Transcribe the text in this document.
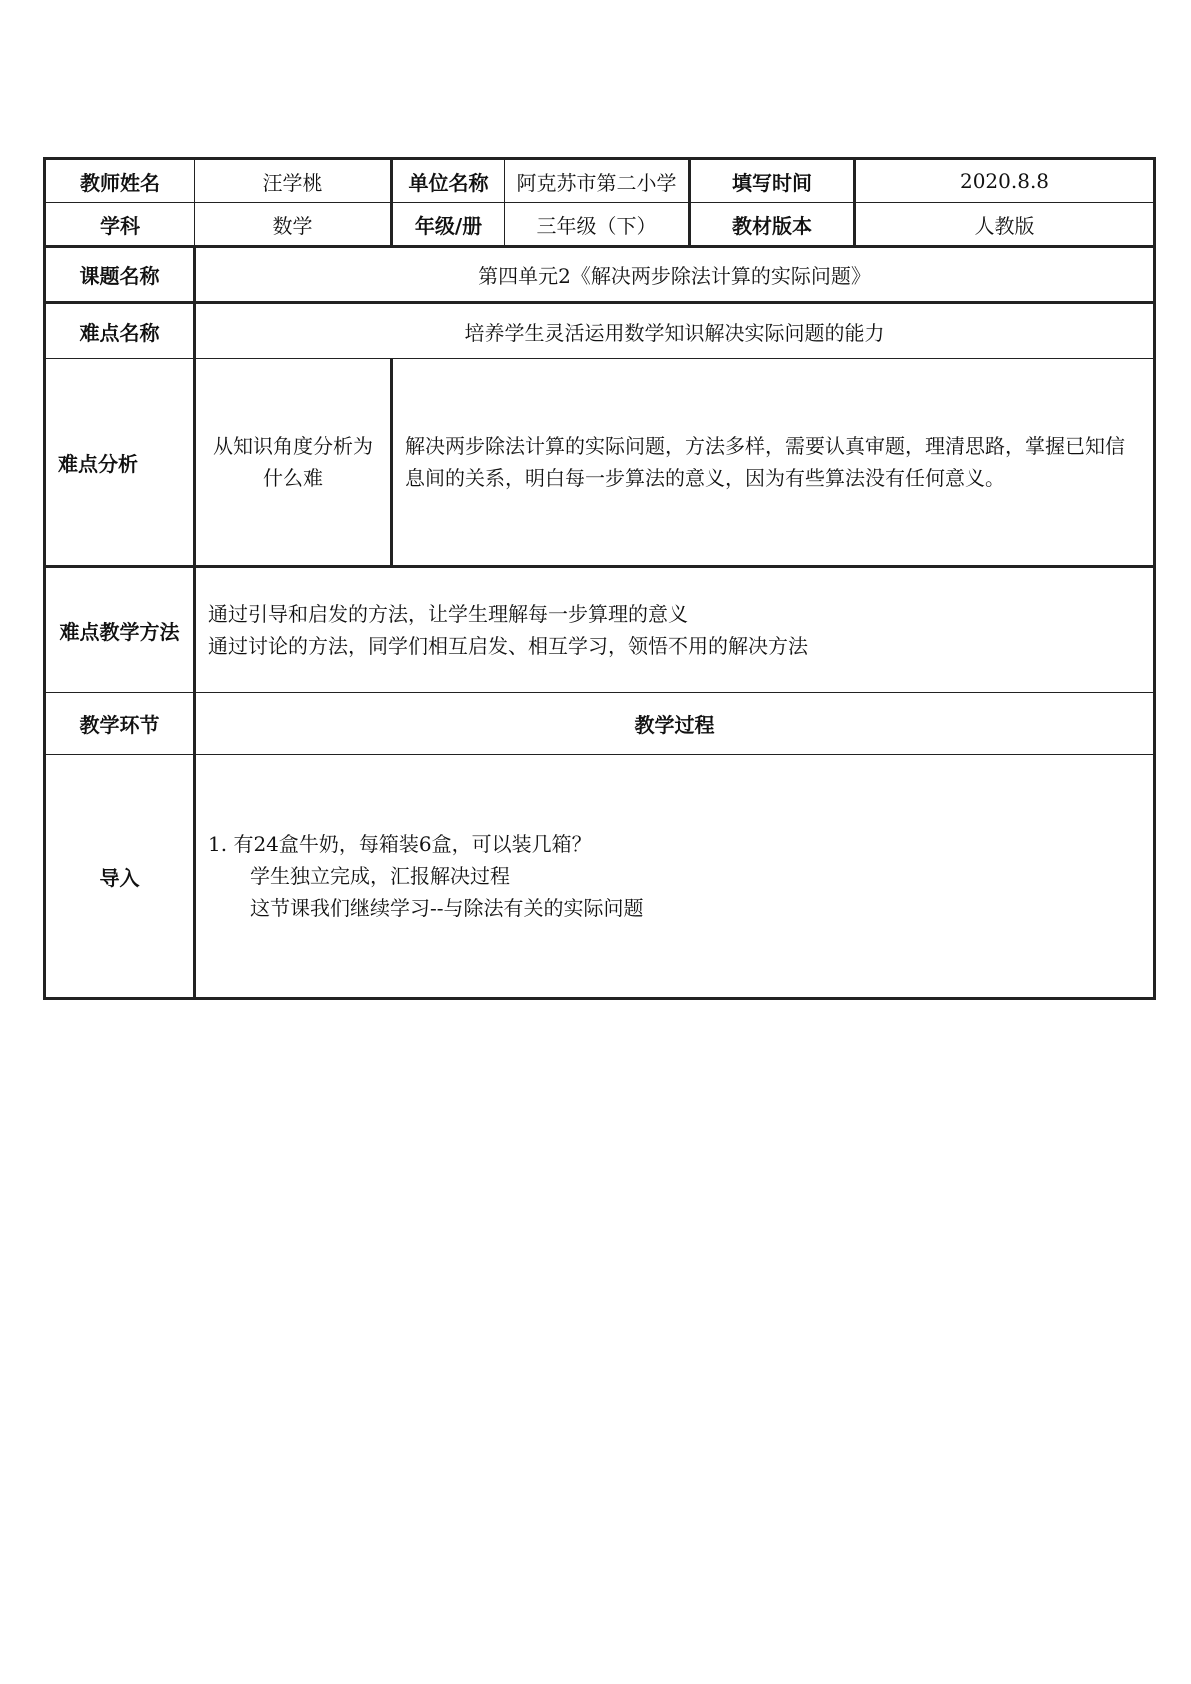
教师姓名	汪学桃	单位名称	阿克苏市第二小学	填写时间	2020.8.8
学科	数学	年级/册	三年级（下）	教材版本	人教版
课题名称	第四单元2《解决两步除法计算的实际问题》				
难点名称	培养学生灵活运用数学知识解决实际问题的能力				
难点分析	从知识角度分析为什么难	解决两步除法计算的实际问题，方法多样，需要认真审题，理清思路，掌握已知信息间的关系，明白每一步算法的意义，因为有些算法没有任何意义。			
难点教学方法	通过引导和启发的方法，让学生理解每一步算理的意义
通过讨论的方法，同学们相互启发、相互学习，领悟不用的解决方法				

教学环节	教学过程				
导入	1. 有24盒牛奶，每箱装6盒，可以装几箱？
学生独立完成，汇报解决过程
这节课我们继续学习--与除法有关的实际问题				
